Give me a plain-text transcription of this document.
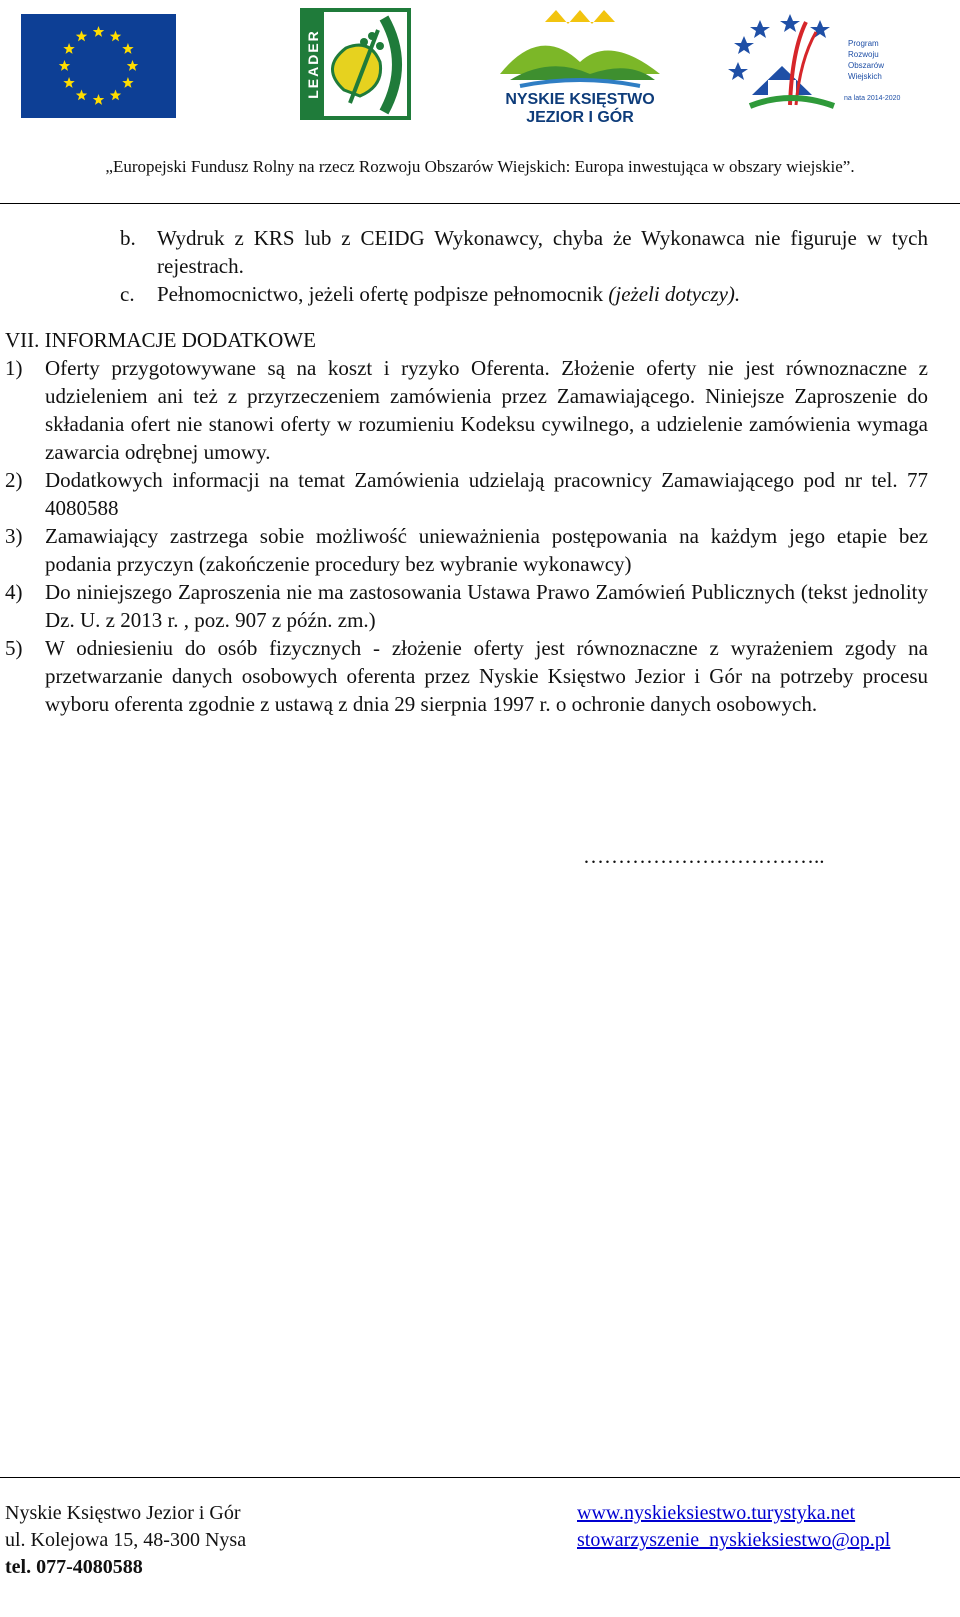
LEADER
NYSKIE KSIĘSTWO
JEZIOR I GÓR
Program
Rozwoju
Obszarów
Wiejskich
na lata 2014-2020
„Europejski Fundusz Rolny na rzecz Rozwoju Obszarów Wiejskich: Europa inwestująca w obszary wiejskie”.
b.	Wydruk z KRS lub z CEIDG Wykonawcy, chyba że Wykonawca nie figuruje w tych rejestrach.
c.	Pełnomocnictwo, jeżeli ofertę podpisze pełnomocnik (jeżeli dotyczy).
VII. INFORMACJE DODATKOWE
1)	Oferty przygotowywane są na koszt i ryzyko Oferenta. Złożenie oferty nie jest równoznaczne z udzieleniem ani też z przyrzeczeniem zamówienia przez Zamawiającego. Niniejsze Zaproszenie do składania ofert nie stanowi oferty w rozumieniu Kodeksu cywilnego, a udzielenie zamówienia wymaga zawarcia odrębnej umowy.
2)	Dodatkowych informacji na temat Zamówienia udzielają pracownicy Zamawiającego pod nr tel. 77 4080588
3)	Zamawiający zastrzega sobie możliwość unieważnienia postępowania na każdym jego etapie bez podania przyczyn (zakończenie procedury bez wybranie wykonawcy)
4)	Do niniejszego Zaproszenia nie ma zastosowania Ustawa Prawo Zamówień Publicznych (tekst jednolity Dz. U. z 2013 r. , poz. 907 z późn. zm.)
5)	W odniesieniu do osób fizycznych - złożenie oferty jest równoznaczne z wyrażeniem zgody na przetwarzanie danych osobowych oferenta przez Nyskie Księstwo Jezior i Gór na potrzeby procesu wyboru oferenta zgodnie z ustawą z dnia 29 sierpnia 1997 r. o ochronie danych osobowych.
……………………………..
Nyskie Księstwo Jezior i Gór
ul. Kolejowa 15, 48-300 Nysa
tel. 077-4080588
www.nyskieksiestwo.turystyka.net
stowarzyszenie_nyskieksiestwo@op.pl
